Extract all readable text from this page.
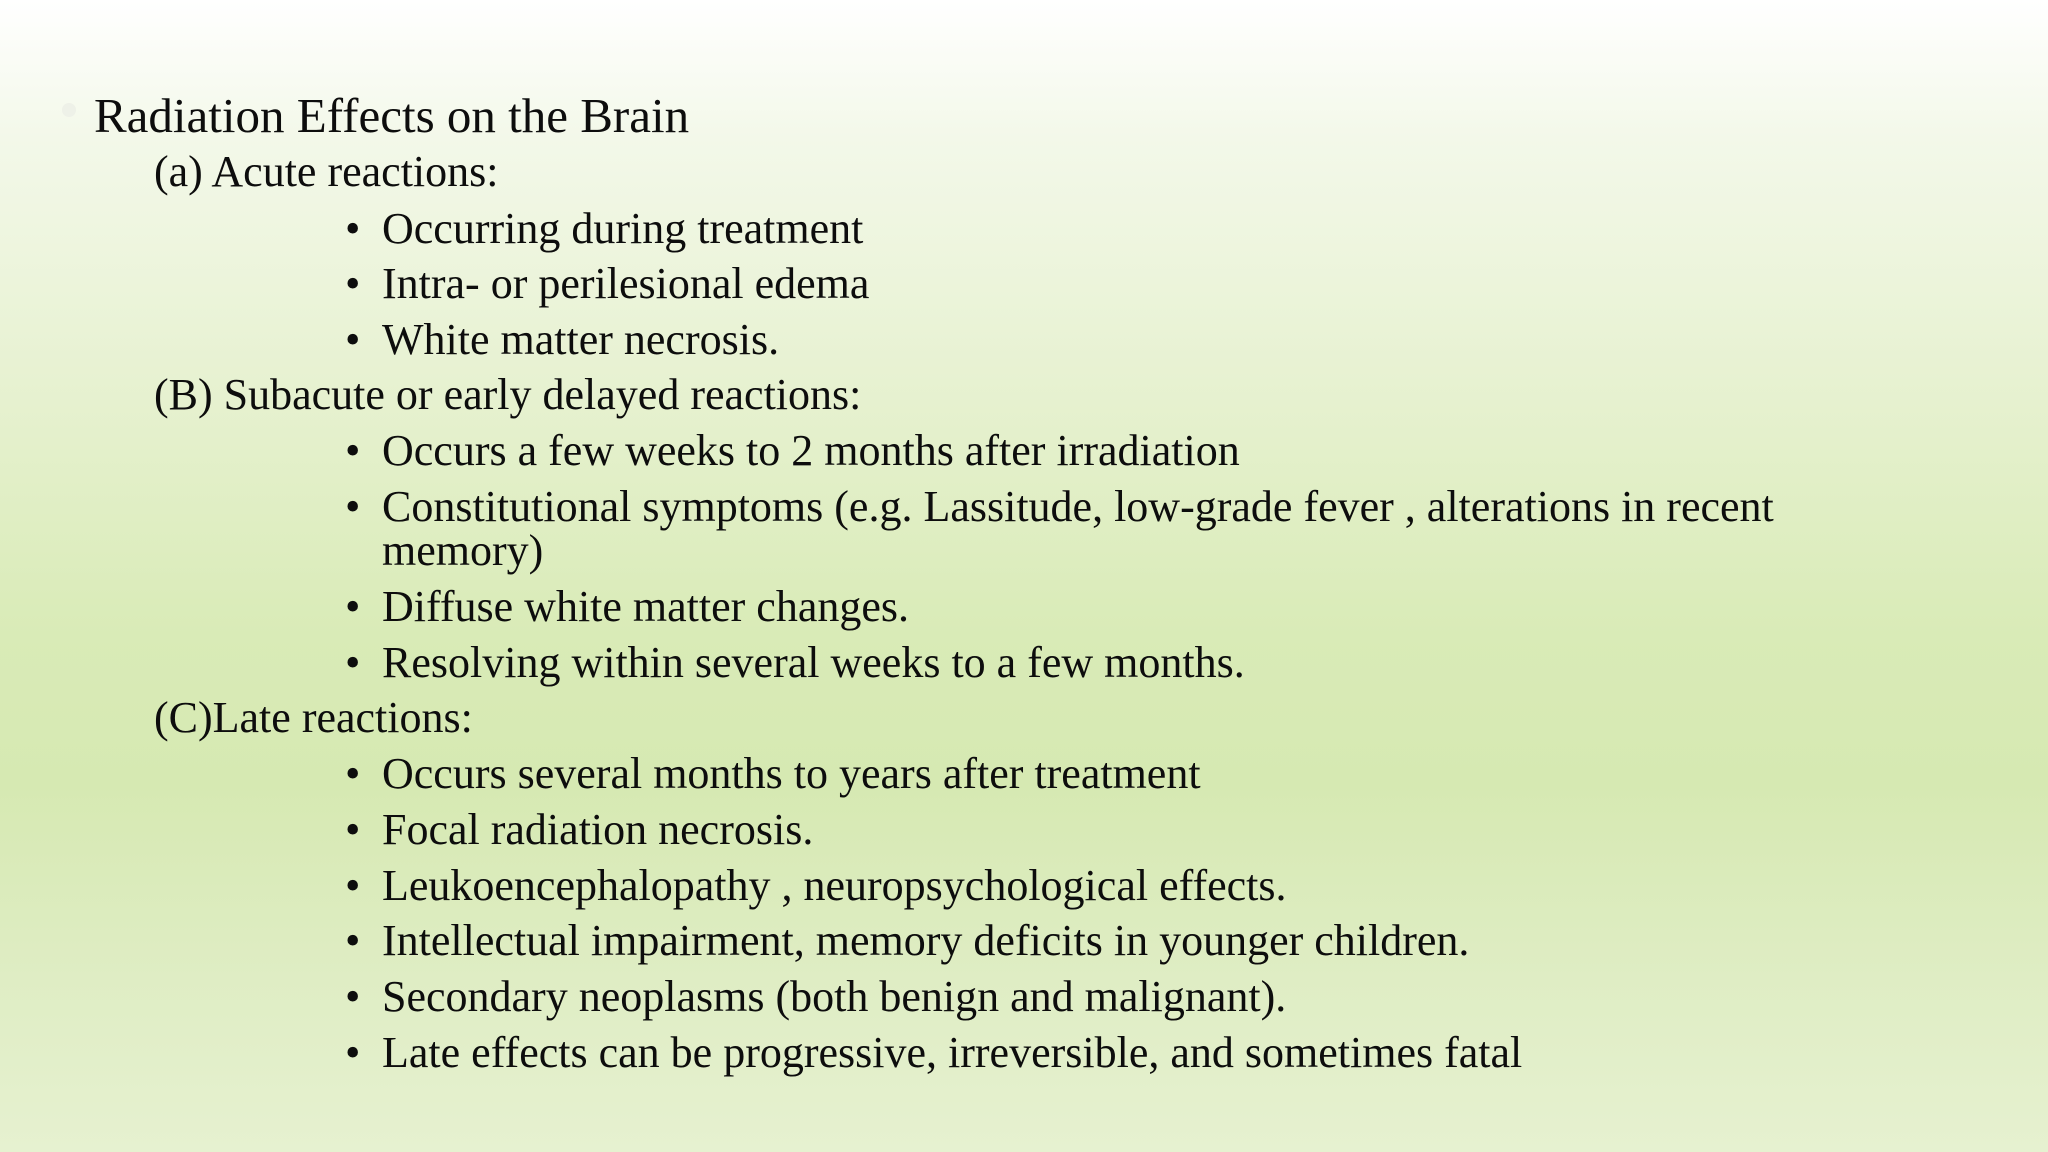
Radiation Effects on the Brain
(a) Acute reactions:
• Occurring during treatment
• Intra- or perilesional edema
• White matter necrosis.
(B) Subacute or early delayed reactions:
• Occurs a few weeks to 2 months after irradiation
• Constitutional symptoms (e.g. Lassitude, low-grade fever , alterations in recent
memory)
• Diffuse white matter changes.
• Resolving within several weeks to a few months.
(C)Late reactions:
• Occurs several months to years after treatment
• Focal radiation necrosis.
• Leukoencephalopathy , neuropsychological effects.
• Intellectual impairment, memory deficits in younger children.
• Secondary neoplasms (both benign and malignant).
• Late effects can be progressive, irreversible, and sometimes fatal
